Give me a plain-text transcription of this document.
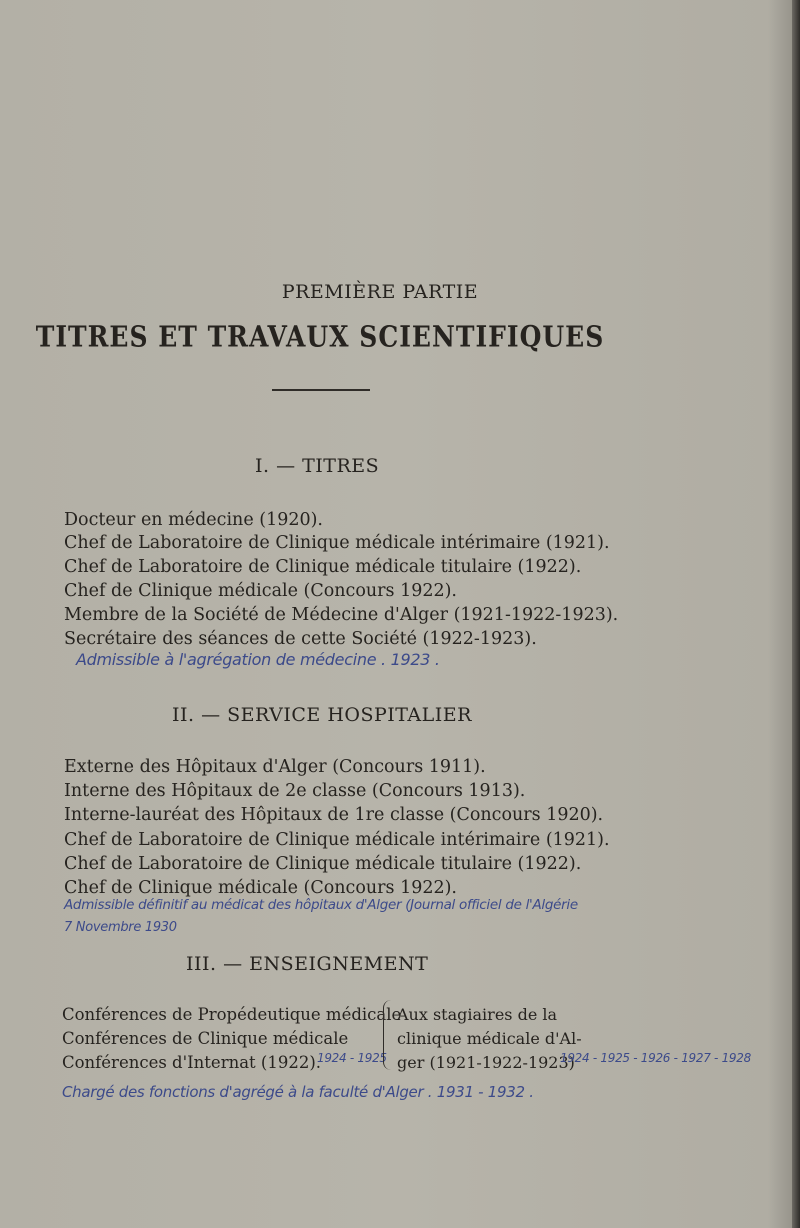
PREMIÈRE PARTIE
TITRES ET TRAVAUX SCIENTIFIQUES
I. — TITRES
Docteur en médecine (1920).
Chef de Laboratoire de Clinique médicale intérimaire (1921).
Chef de Laboratoire de Clinique médicale titulaire (1922).
Chef de Clinique médicale (Concours 1922).
Membre de la Société de Médecine d'Alger (1921-1922-1923).
Secrétaire des séances de cette Société (1922-1923).
Admissible à l'agrégation de médecine . 1923 .
II. — SERVICE HOSPITALIER
Externe des Hôpitaux d'Alger (Concours 1911).
Interne des Hôpitaux de 2e classe (Concours 1913).
Interne-lauréat des Hôpitaux de 1re classe (Concours 1920).
Chef de Laboratoire de Clinique médicale intérimaire (1921).
Chef de Laboratoire de Clinique médicale titulaire (1922).
Chef de Clinique médicale (Concours 1922).
Admissible définitif au médicat des hôpitaux d'Alger (Journal officiel de l'Algérie
7 Novembre 1930
III. — ENSEIGNEMENT
Conférences de Propédeutique médicale
Conférences de Clinique médicale
Conférences d'Internat (1922).
1924 - 1925
Aux stagiaires de la
clinique médicale d'Al-
ger (1921-1922-1923)
1924 - 1925 - 1926 - 1927 - 1928
Chargé des fonctions d'agrégé à la faculté d'Alger . 1931 - 1932 .
